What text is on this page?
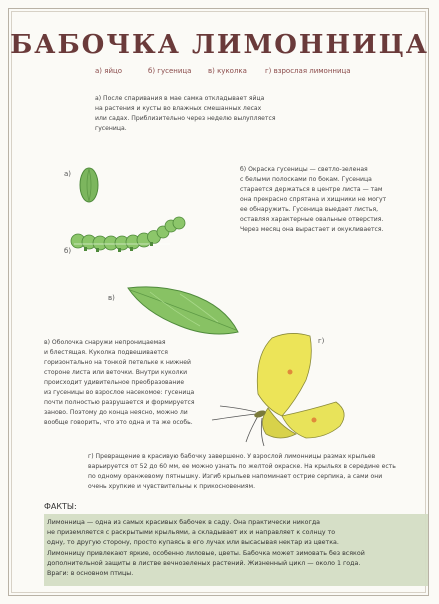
БАБОЧКА ЛИМОННИЦА
а) яйцо	б) гусеница в) куколка	г) взрослая лимонница

а) После спаривания в мае самка откладывает яйца
на растения и кусты во влажных смешанных лесах
или садах. Приблизительно через неделю вылупляется
гусеница.

а)

б) Окраска гусеницы — светло-зеленая
с белыми полосками по бокам. Гусеница
старается держаться в центре листа — там
она прекрасно спрятана и хищники не могут
ее обнаружить. Гусеница выедает листья,
оставляя характерные овальные отверстия.
Через месяц она вырастает и окукливается.

б)
в)

в) Оболочка снаружи непроницаемая
и блестящая. Куколка подвешивается
горизонтально на тонкой петельке к нижней
стороне листа или веточки. Внутри куколки
происходит удивительное преобразование
из гусеницы во взрослое насекомое: гусеница
почти полностью разрушается и формируется
заново. Поэтому до конца неясно, можно ли
вообще говорить, что это одна и та же особь.

г)

г) Превращение в красивую бабочку завершено. У взрослой лимонницы размах крыльев
варьируется от 52 до 60 мм, ее можно узнать по желтой окраске. На крыльях в середине есть
по одному оранжевому пятнышку. Изгиб крыльев напоминает острие серпика, а сами они
очень хрупкие и чувствительны к прикосновениям.

ФАКТЫ:

Лимонница — одна из самых красивых бабочек в саду. Она практически никогда
не приземляется с раскрытыми крыльями, а складывает их и направляет к солнцу то
одну, то другую сторону, просто купаясь в его лучах или высасывая нектар из цветка.
Лимонницу привлекают яркие, особенно лиловые, цветы. Бабочка может зимовать без всякой
дополнительной защиты в листве вечнозеленых растений. Жизненный цикл — около 1 года.
Враги: в основном птицы.
